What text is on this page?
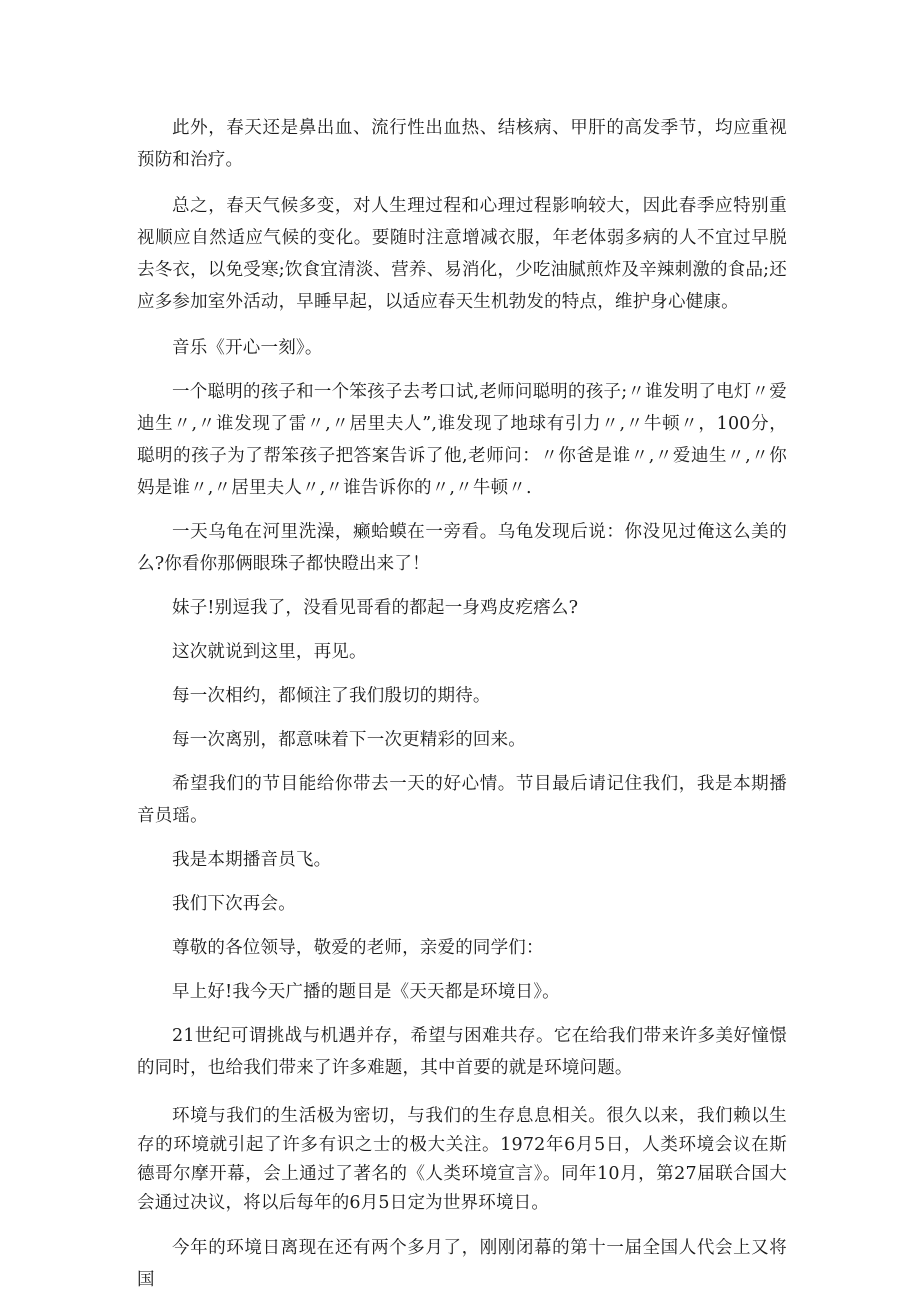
此外，春天还是鼻出血、流行性出血热、结核病、甲肝的高发季节，均应重视预防和治疗。

总之，春天气候多变，对人生理过程和心理过程影响较大，因此春季应特别重视顺应自然适应气候的变化。要随时注意增减衣服，年老体弱多病的人不宜过早脱去冬衣，以免受寒;饮食宜清淡、营养、易消化，少吃油腻煎炸及辛辣刺激的食品;还应多参加室外活动，早睡早起，以适应春天生机勃发的特点，维护身心健康。

音乐《开心一刻》。

一个聪明的孩子和一个笨孩子去考口试,老师问聪明的孩子;〃谁发明了电灯〃爱迪生〃,〃谁发现了雷〃,〃居里夫人”,谁发现了地球有引力〃,〃牛顿〃，100分，聪明的孩子为了帮笨孩子把答案告诉了他,老师问：〃你爸是谁〃,〃爱迪生〃,〃你妈是谁〃,〃居里夫人〃,〃谁告诉你的〃,〃牛顿〃.

一天乌龟在河里洗澡，癞蛤蟆在一旁看。乌龟发现后说：你没见过俺这么美的么?你看你那俩眼珠子都快瞪出来了！

妹子!别逗我了，没看见哥看的都起一身鸡皮疙瘩么?

这次就说到这里，再见。

每一次相约，都倾注了我们殷切的期待。

每一次离别，都意味着下一次更精彩的回来。

希望我们的节目能给你带去一天的好心情。节目最后请记住我们，我是本期播音员瑶。

我是本期播音员飞。

我们下次再会。

尊敬的各位领导，敬爱的老师，亲爱的同学们：

早上好!我今天广播的题目是《天天都是环境日》。

21世纪可谓挑战与机遇并存，希望与困难共存。它在给我们带来许多美好憧憬的同时，也给我们带来了许多难题，其中首要的就是环境问题。

环境与我们的生活极为密切，与我们的生存息息相关。很久以来，我们赖以生存的环境就引起了许多有识之士的极大关注。1972年6月5日，人类环境会议在斯德哥尔摩开幕，会上通过了著名的《人类环境宣言》。同年10月，第27届联合国大会通过决议，将以后每年的6月5日定为世界环境日。

今年的环境日离现在还有两个多月了，刚刚闭幕的第十一届全国人代会上又将国
